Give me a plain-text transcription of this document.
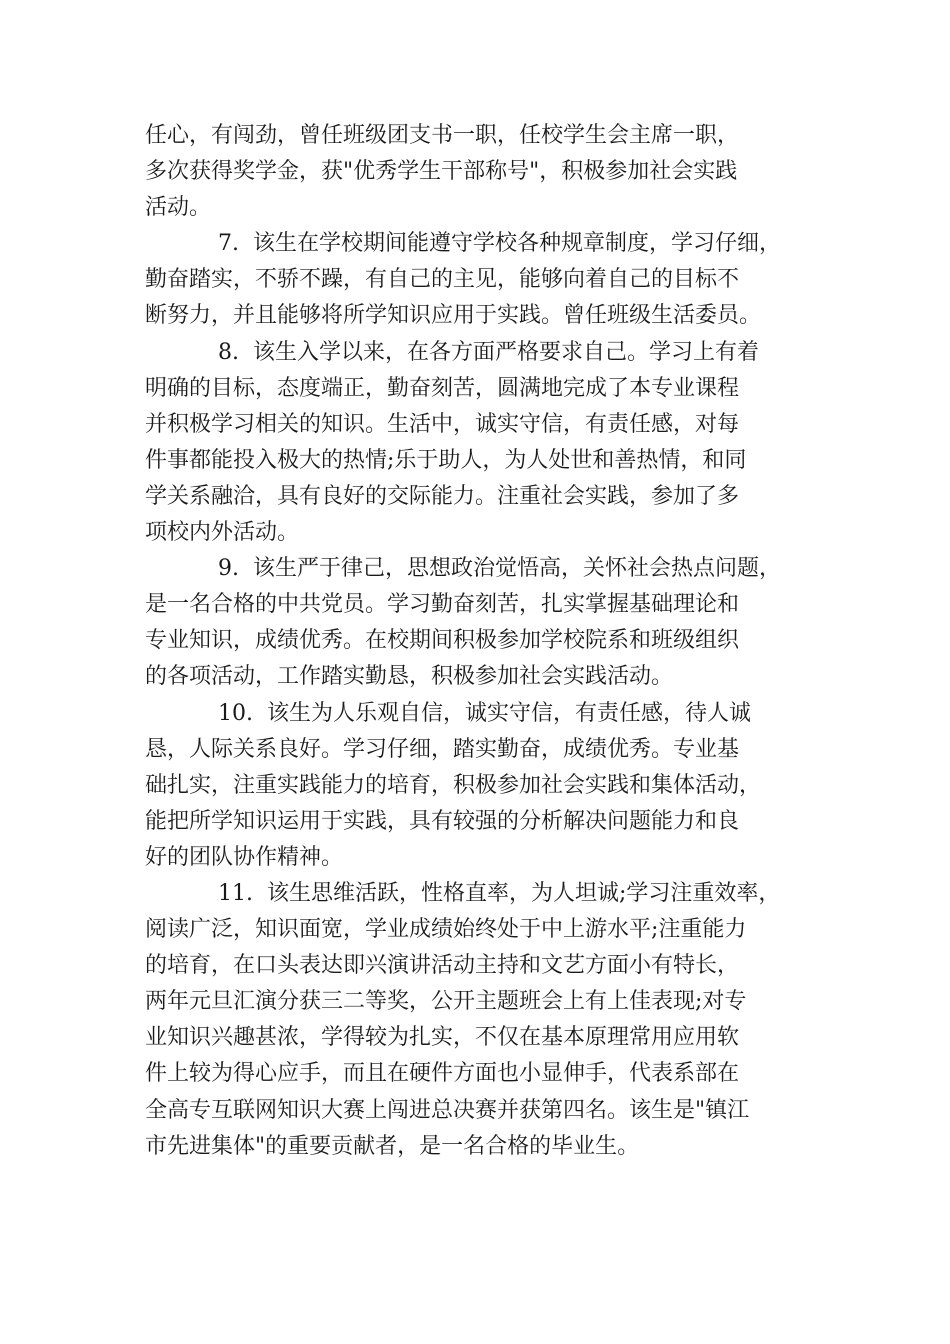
任心，有闯劲，曾任班级团支书一职，任校学生会主席一职，
多次获得奖学金，获"优秀学生干部称号"，积极参加社会实践
活动。
7.  该生在学校期间能遵守学校各种规章制度，学习仔细，
勤奋踏实，不骄不躁，有自己的主见，能够向着自己的目标不
断努力，并且能够将所学知识应用于实践。曾任班级生活委员。
8.  该生入学以来，在各方面严格要求自己。学习上有着
明确的目标，态度端正，勤奋刻苦，圆满地完成了本专业课程
并积极学习相关的知识。生活中，诚实守信，有责任感，对每
件事都能投入极大的热情;乐于助人，为人处世和善热情，和同
学关系融洽，具有良好的交际能力。注重社会实践，参加了多
项校内外活动。
9.  该生严于律己，思想政治觉悟高，关怀社会热点问题，
是一名合格的中共党员。学习勤奋刻苦，扎实掌握基础理论和
专业知识，成绩优秀。在校期间积极参加学校院系和班级组织
的各项活动，工作踏实勤恳，积极参加社会实践活动。
10.  该生为人乐观自信，诚实守信，有责任感，待人诚
恳，人际关系良好。学习仔细，踏实勤奋，成绩优秀。专业基
础扎实，注重实践能力的培育，积极参加社会实践和集体活动，
能把所学知识运用于实践，具有较强的分析解决问题能力和良
好的团队协作精神。
11.  该生思维活跃，性格直率，为人坦诚;学习注重效率，
阅读广泛，知识面宽，学业成绩始终处于中上游水平;注重能力
的培育，在口头表达即兴演讲活动主持和文艺方面小有特长，
两年元旦汇演分获三二等奖，公开主题班会上有上佳表现;对专
业知识兴趣甚浓，学得较为扎实，不仅在基本原理常用应用软
件上较为得心应手，而且在硬件方面也小显伸手，代表系部在
全高专互联网知识大赛上闯进总决赛并获第四名。该生是"镇江
市先进集体"的重要贡献者，是一名合格的毕业生。
